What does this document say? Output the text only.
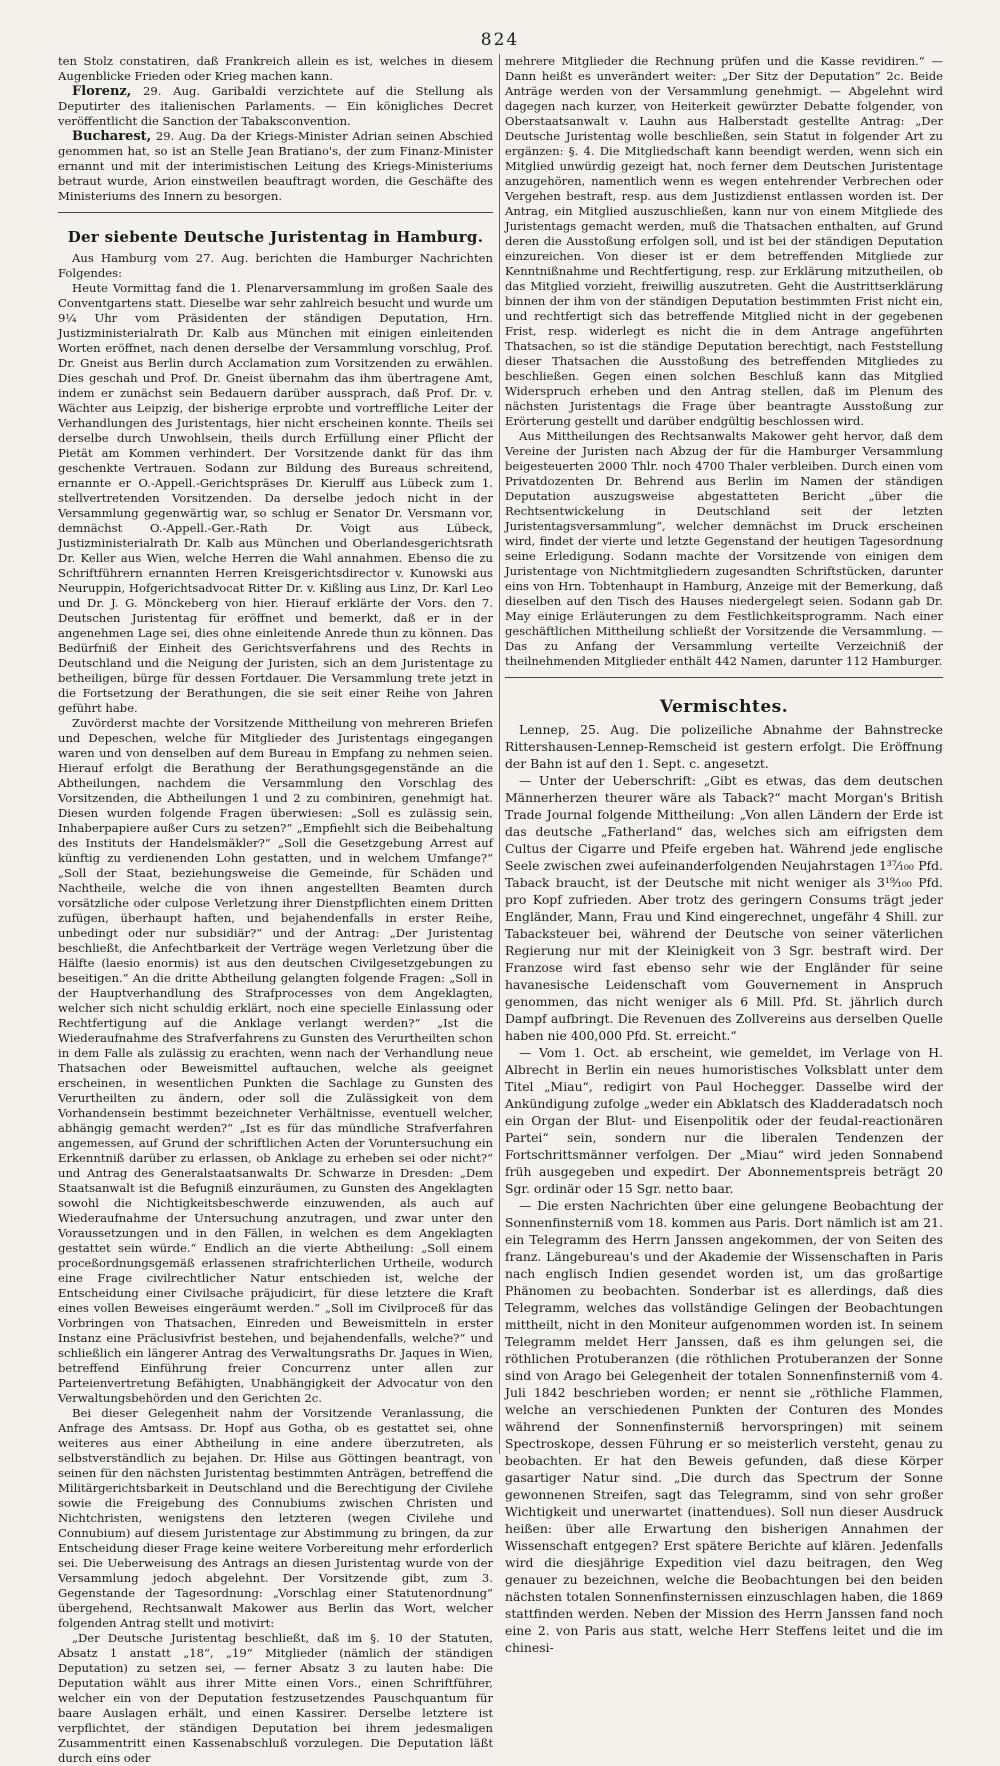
824

ten Stolz constatiren, daß Frankreich allein es ist, welches in diesem Augenblicke Frieden oder Krieg machen kann.

Florenz, 29. Aug. Garibaldi verzichtete auf die Stellung als Deputirter des italienischen Parlaments. — Ein königliches Decret veröffentlicht die Sanction der Tabaksconvention.

Bucharest, 29. Aug. Da der Kriegs-Minister Adrian seinen Abschied genommen hat, so ist an Stelle Jean Bratiano's, der zum Finanz-Minister ernannt und mit der interimistischen Leitung des Kriegs-Ministeriums betraut wurde, Arion einstweilen beauftragt worden, die Geschäfte des Ministeriums des Innern zu besorgen.

Der siebente Deutsche Juristentag in Hamburg.

Aus Hamburg vom 27. Aug. berichten die Hamburger Nachrichten Folgendes:

Heute Vormittag fand die 1. Plenarversammlung im großen Saale des Conventgartens statt. Dieselbe war sehr zahlreich besucht und wurde um 9¼ Uhr vom Präsidenten der ständigen Deputation, Hrn. Justizministerialrath Dr. Kalb aus München mit einigen einleitenden Worten eröffnet, nach denen derselbe der Versammlung vorschlug, Prof. Dr. Gneist aus Berlin durch Acclamation zum Vorsitzenden zu erwählen. Dies geschah und Prof. Dr. Gneist übernahm das ihm übertragene Amt, indem er zunächst sein Bedauern darüber aussprach, daß Prof. Dr. v. Wächter aus Leipzig, der bisherige erprobte und vortreffliche Leiter der Verhandlungen des Juristentags, hier nicht erscheinen konnte. Theils sei derselbe durch Unwohlsein, theils durch Erfüllung einer Pflicht der Pietät am Kommen verhindert. Der Vorsitzende dankt für das ihm geschenkte Vertrauen. Sodann zur Bildung des Bureaus schreitend, ernannte er O.-Appell.-Gerichtspräses Dr. Kierulff aus Lübeck zum 1. stellvertretenden Vorsitzenden. Da derselbe jedoch nicht in der Versammlung gegenwärtig war, so schlug er Senator Dr. Versmann vor, demnächst O.-Appell.-Ger.-Rath Dr. Voigt aus Lübeck, Justizministerialrath Dr. Kalb aus München und Oberlandesgerichtsrath Dr. Keller aus Wien, welche Herren die Wahl annahmen. Ebenso die zu Schriftführern ernannten Herren Kreisgerichtsdirector v. Kunowski aus Neuruppin, Hofgerichtsadvocat Ritter Dr. v. Kißling aus Linz, Dr. Karl Leo und Dr. J. G. Mönckeberg von hier. Hierauf erklärte der Vors. den 7. Deutschen Juristentag für eröffnet und bemerkt, daß er in der angenehmen Lage sei, dies ohne einleitende Anrede thun zu können. Das Bedürfniß der Einheit des Gerichtsverfahrens und des Rechts in Deutschland und die Neigung der Juristen, sich an dem Juristentage zu betheiligen, bürge für dessen Fortdauer. Die Versammlung trete jetzt in die Fortsetzung der Berathungen, die sie seit einer Reihe von Jahren geführt habe.

Zuvörderst machte der Vorsitzende Mittheilung von mehreren Briefen und Depeschen, welche für Mitglieder des Juristentags eingegangen waren und von denselben auf dem Bureau in Empfang zu nehmen seien. Hierauf erfolgt die Berathung der Berathungsgegenstände an die Abtheilungen, nachdem die Versammlung den Vorschlag des Vorsitzenden, die Abtheilungen 1 und 2 zu combiniren, genehmigt hat. Diesen wurden folgende Fragen überwiesen: „Soll es zulässig sein, Inhaberpapiere außer Curs zu setzen?“ „Empfiehlt sich die Beibehaltung des Instituts der Handelsmäkler?“ „Soll die Gesetzgebung Arrest auf künftig zu verdienenden Lohn gestatten, und in welchem Umfange?“ „Soll der Staat, beziehungsweise die Gemeinde, für Schäden und Nachtheile, welche die von ihnen angestellten Beamten durch vorsätzliche oder culpose Verletzung ihrer Dienstpflichten einem Dritten zufügen, überhaupt haften, und bejahendenfalls in erster Reihe, unbedingt oder nur subsidiär?“ und der Antrag: „Der Juristentag beschließt, die Anfechtbarkeit der Verträge wegen Verletzung über die Hälfte (laesio enormis) ist aus den deutschen Civilgesetzgebungen zu beseitigen.“ An die dritte Abtheilung gelangten folgende Fragen: „Soll in der Hauptverhandlung des Strafprocesses von dem Angeklagten, welcher sich nicht schuldig erklärt, noch eine specielle Einlassung oder Rechtfertigung auf die Anklage verlangt werden?“ „Ist die Wiederaufnahme des Strafverfahrens zu Gunsten des Verurtheilten schon in dem Falle als zulässig zu erachten, wenn nach der Verhandlung neue Thatsachen oder Beweismittel auftauchen, welche als geeignet erscheinen, in wesentlichen Punkten die Sachlage zu Gunsten des Verurtheilten zu ändern, oder soll die Zulässigkeit von dem Vorhandensein bestimmt bezeichneter Verhältnisse, eventuell welcher, abhängig gemacht werden?“ „Ist es für das mündliche Strafverfahren angemessen, auf Grund der schriftlichen Acten der Voruntersuchung ein Erkenntniß darüber zu erlassen, ob Anklage zu erheben sei oder nicht?“ und Antrag des Generalstaatsanwalts Dr. Schwarze in Dresden: „Dem Staatsanwalt ist die Befugniß einzuräumen, zu Gunsten des Angeklagten sowohl die Nichtigkeitsbeschwerde einzuwenden, als auch auf Wiederaufnahme der Untersuchung anzutragen, und zwar unter den Voraussetzungen und in den Fällen, in welchen es dem Angeklagten gestattet sein würde.“ Endlich an die vierte Abtheilung: „Soll einem proceßordnungsgemäß erlassenen strafrichterlichen Urtheile, wodurch eine Frage civilrechtlicher Natur entschieden ist, welche der Entscheidung einer Civilsache präjudicirt, für diese letztere die Kraft eines vollen Beweises eingeräumt werden.“ „Soll im Civilproceß für das Vorbringen von Thatsachen, Einreden und Beweismitteln in erster Instanz eine Präclusivfrist bestehen, und bejahendenfalls, welche?“ und schließlich ein längerer Antrag des Verwaltungsraths Dr. Jaques in Wien, betreffend Einführung freier Concurrenz unter allen zur Parteienvertretung Befähigten, Unabhängigkeit der Advocatur von den Verwaltungsbehörden und den Gerichten 2c.

Bei dieser Gelegenheit nahm der Vorsitzende Veranlassung, die Anfrage des Amtsass. Dr. Hopf aus Gotha, ob es gestattet sei, ohne weiteres aus einer Abtheilung in eine andere überzutreten, als selbstverständlich zu bejahen. Dr. Hilse aus Göttingen beantragt, von seinen für den nächsten Juristentag bestimmten Anträgen, betreffend die Militärgerichtsbarkeit in Deutschland und die Berechtigung der Civilehe sowie die Freigebung des Connubiums zwischen Christen und Nichtchristen, wenigstens den letzteren (wegen Civilehe und Connubium) auf diesem Juristentage zur Abstimmung zu bringen, da zur Entscheidung dieser Frage keine weitere Vorbereitung mehr erforderlich sei. Die Ueberweisung des Antrags an diesen Juristentag wurde von der Versammlung jedoch abgelehnt. Der Vorsitzende gibt, zum 3. Gegenstande der Tagesordnung: „Vorschlag einer Statutenordnung“ übergehend, Rechtsanwalt Makower aus Berlin das Wort, welcher folgenden Antrag stellt und motivirt:

„Der Deutsche Juristentag beschließt, daß im §. 10 der Statuten, Absatz 1 anstatt „18“, „19“ Mitglieder (nämlich der ständigen Deputation) zu setzen sei, — ferner Absatz 3 zu lauten habe: Die Deputation wählt aus ihrer Mitte einen Vors., einen Schriftführer, welcher ein von der Deputation festzusetzendes Pauschquantum für baare Auslagen erhält, und einen Kassirer. Derselbe letztere ist verpflichtet, der ständigen Deputation bei ihrem jedesmaligen Zusammentritt einen Kassenabschluß vorzulegen. Die Deputation läßt durch eins oder

mehrere Mitglieder die Rechnung prüfen und die Kasse revidiren.“ — Dann heißt es unverändert weiter: „Der Sitz der Deputation“ 2c. Beide Anträge werden von der Versammlung genehmigt. — Abgelehnt wird dagegen nach kurzer, von Heiterkeit gewürzter Debatte folgender, von Oberstaatsanwalt v. Lauhn aus Halberstadt gestellte Antrag: „Der Deutsche Juristentag wolle beschließen, sein Statut in folgender Art zu ergänzen: §. 4. Die Mitgliedschaft kann beendigt werden, wenn sich ein Mitglied unwürdig gezeigt hat, noch ferner dem Deutschen Juristentage anzugehören, namentlich wenn es wegen entehrender Verbrechen oder Vergehen bestraft, resp. aus dem Justizdienst entlassen worden ist. Der Antrag, ein Mitglied auszuschließen, kann nur von einem Mitgliede des Juristentags gemacht werden, muß die Thatsachen enthalten, auf Grund deren die Ausstoßung erfolgen soll, und ist bei der ständigen Deputation einzureichen. Von dieser ist er dem betreffenden Mitgliede zur Kenntnißnahme und Rechtfertigung, resp. zur Erklärung mitzutheilen, ob das Mitglied vorzieht, freiwillig auszutreten. Geht die Austrittserklärung binnen der ihm von der ständigen Deputation bestimmten Frist nicht ein, und rechtfertigt sich das betreffende Mitglied nicht in der gegebenen Frist, resp. widerlegt es nicht die in dem Antrage angeführten Thatsachen, so ist die ständige Deputation berechtigt, nach Feststellung dieser Thatsachen die Ausstoßung des betreffenden Mitgliedes zu beschließen. Gegen einen solchen Beschluß kann das Mitglied Widerspruch erheben und den Antrag stellen, daß im Plenum des nächsten Juristentags die Frage über beantragte Ausstoßung zur Erörterung gestellt und darüber endgültig beschlossen wird.

Aus Mittheilungen des Rechtsanwalts Makower geht hervor, daß dem Vereine der Juristen nach Abzug der für die Hamburger Versammlung beigesteuerten 2000 Thlr. noch 4700 Thaler verbleiben. Durch einen vom Privatdozenten Dr. Behrend aus Berlin im Namen der ständigen Deputation auszugsweise abgestatteten Bericht „über die Rechtsentwickelung in Deutschland seit der letzten Juristentagsversammlung“, welcher demnächst im Druck erscheinen wird, findet der vierte und letzte Gegenstand der heutigen Tagesordnung seine Erledigung. Sodann machte der Vorsitzende von einigen dem Juristentage von Nichtmitgliedern zugesandten Schriftstücken, darunter eins von Hrn. Tobtenhaupt in Hamburg, Anzeige mit der Bemerkung, daß dieselben auf den Tisch des Hauses niedergelegt seien. Sodann gab Dr. May einige Erläuterungen zu dem Festlichkeitsprogramm. Nach einer geschäftlichen Mittheilung schließt der Vorsitzende die Versammlung. — Das zu Anfang der Versammlung verteilte Verzeichniß der theilnehmenden Mitglieder enthält 442 Namen, darunter 112 Hamburger.

Vermischtes.

Lennep, 25. Aug. Die polizeiliche Abnahme der Bahnstrecke Rittershausen-Lennep-Remscheid ist gestern erfolgt. Die Eröffnung der Bahn ist auf den 1. Sept. c. angesetzt.

— Unter der Ueberschrift: „Gibt es etwas, das dem deutschen Männerherzen theurer wäre als Taback?“ macht Morgan's British Trade Journal folgende Mittheilung: „Von allen Ländern der Erde ist das deutsche „Fatherland“ das, welches sich am eifrigsten dem Cultus der Cigarre und Pfeife ergeben hat. Während jede englische Seele zwischen zwei aufeinanderfolgenden Neujahrstagen 1³⁷⁄₁₀₀ Pfd. Taback braucht, ist der Deutsche mit nicht weniger als 3¹⁹⁄₁₀₀ Pfd. pro Kopf zufrieden. Aber trotz des geringern Consums trägt jeder Engländer, Mann, Frau und Kind eingerechnet, ungefähr 4 Shill. zur Tabacksteuer bei, während der Deutsche von seiner väterlichen Regierung nur mit der Kleinigkeit von 3 Sgr. bestraft wird. Der Franzose wird fast ebenso sehr wie der Engländer für seine havanesische Leidenschaft vom Gouvernement in Anspruch genommen, das nicht weniger als 6 Mill. Pfd. St. jährlich durch Dampf aufbringt. Die Revenuen des Zollvereins aus derselben Quelle haben nie 400,000 Pfd. St. erreicht.“

— Vom 1. Oct. ab erscheint, wie gemeldet, im Verlage von H. Albrecht in Berlin ein neues humoristisches Volksblatt unter dem Titel „Miau“, redigirt von Paul Hochegger. Dasselbe wird der Ankündigung zufolge „weder ein Abklatsch des Kladderadatsch noch ein Organ der Blut- und Eisenpolitik oder der feudal-reactionären Partei“ sein, sondern nur die liberalen Tendenzen der Fortschrittsmänner verfolgen. Der „Miau“ wird jeden Sonnabend früh ausgegeben und expedirt. Der Abonnementspreis beträgt 20 Sgr. ordinär oder 15 Sgr. netto baar.

— Die ersten Nachrichten über eine gelungene Beobachtung der Sonnenfinsterniß vom 18. kommen aus Paris. Dort nämlich ist am 21. ein Telegramm des Herrn Janssen angekommen, der von Seiten des franz. Längebureau's und der Akademie der Wissenschaften in Paris nach englisch Indien gesendet worden ist, um das großartige Phänomen zu beobachten. Sonderbar ist es allerdings, daß dies Telegramm, welches das vollständige Gelingen der Beobachtungen mittheilt, nicht in den Moniteur aufgenommen worden ist. In seinem Telegramm meldet Herr Janssen, daß es ihm gelungen sei, die röthlichen Protuberanzen (die röthlichen Protuberanzen der Sonne sind von Arago bei Gelegenheit der totalen Sonnenfinsterniß vom 4. Juli 1842 beschrieben worden; er nennt sie „röthliche Flammen, welche an verschiedenen Punkten der Conturen des Mondes während der Sonnenfinsterniß hervorspringen) mit seinem Spectroskope, dessen Führung er so meisterlich versteht, genau zu beobachten. Er hat den Beweis gefunden, daß diese Körper gasartiger Natur sind. „Die durch das Spectrum der Sonne gewonnenen Streifen, sagt das Telegramm, sind von sehr großer Wichtigkeit und unerwartet (inattendues). Soll nun dieser Ausdruck heißen: über alle Erwartung den bisherigen Annahmen der Wissenschaft entgegen? Erst spätere Berichte auf klären. Jedenfalls wird die diesjährige Expedition viel dazu beitragen, den Weg genauer zu bezeichnen, welche die Beobachtungen bei den beiden nächsten totalen Sonnenfinsternissen einzuschlagen haben, die 1869 stattfinden werden. Neben der Mission des Herrn Janssen fand noch eine 2. von Paris aus statt, welche Herr Steffens leitet und die im chinesi-
